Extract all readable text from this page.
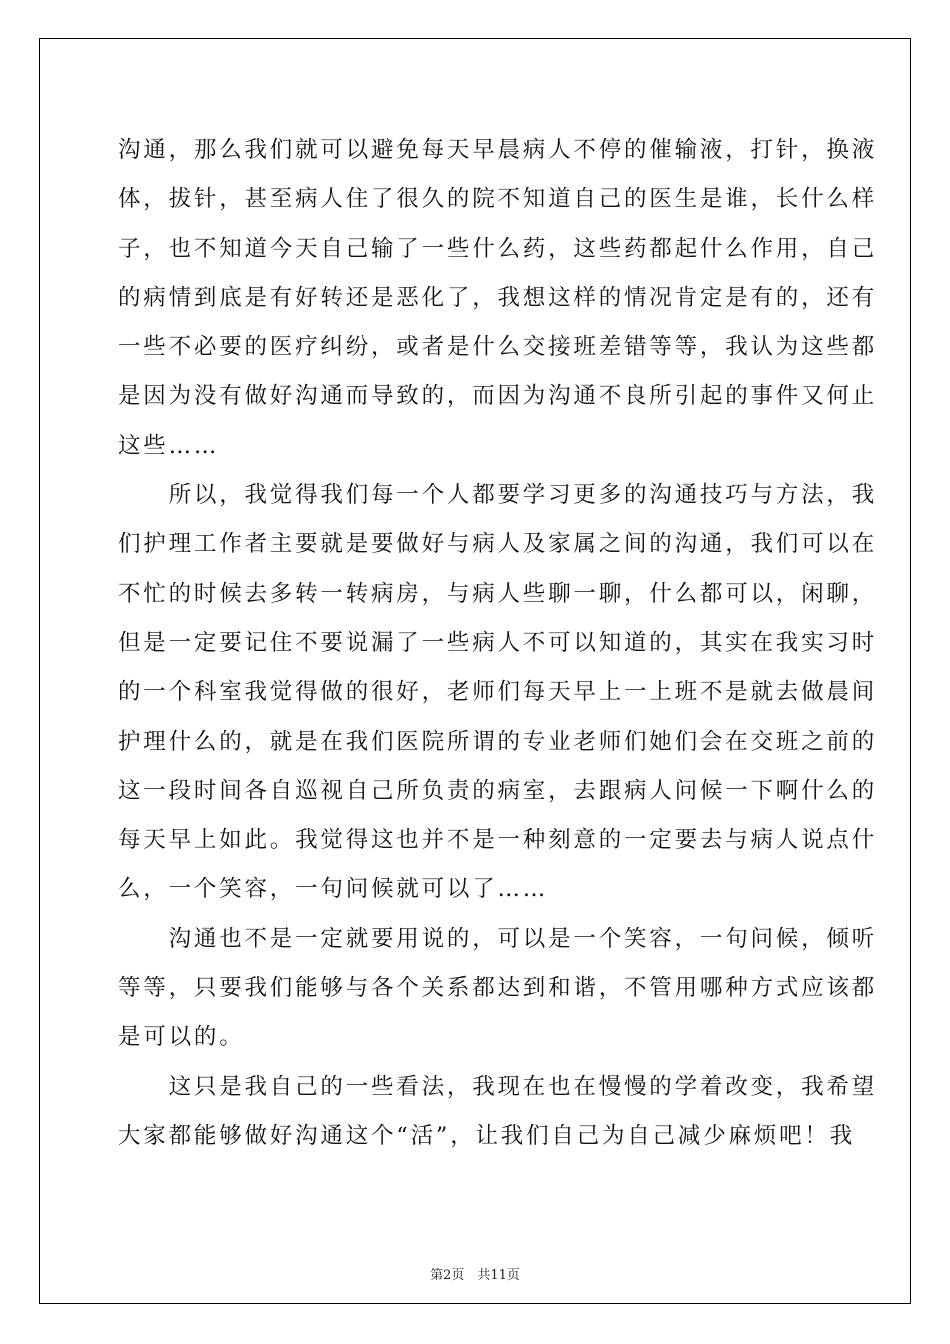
沟通，那么我们就可以避免每天早晨病人不停的催输液，打针，换液
体，拔针，甚至病人住了很久的院不知道自己的医生是谁，长什么样
子，也不知道今天自己输了一些什么药，这些药都起什么作用，自己
的病情到底是有好转还是恶化了，我想这样的情况肯定是有的，还有
一些不必要的医疗纠纷，或者是什么交接班差错等等，我认为这些都
是因为没有做好沟通而导致的，而因为沟通不良所引起的事件又何止
这些……
　　所以，我觉得我们每一个人都要学习更多的沟通技巧与方法，我
们护理工作者主要就是要做好与病人及家属之间的沟通，我们可以在
不忙的时候去多转一转病房，与病人些聊一聊，什么都可以，闲聊，
但是一定要记住不要说漏了一些病人不可以知道的，其实在我实习时
的一个科室我觉得做的很好，老师们每天早上一上班不是就去做晨间
护理什么的，就是在我们医院所谓的专业老师们她们会在交班之前的
这一段时间各自巡视自己所负责的病室，去跟病人问候一下啊什么的
每天早上如此。我觉得这也并不是一种刻意的一定要去与病人说点什
么，一个笑容，一句问候就可以了……
　　沟通也不是一定就要用说的，可以是一个笑容，一句问候，倾听
等等，只要我们能够与各个关系都达到和谐，不管用哪种方式应该都
是可以的。
　　这只是我自己的一些看法，我现在也在慢慢的学着改变，我希望
大家都能够做好沟通这个“活”，让我们自己为自己减少麻烦吧！我
第2页　共11页
